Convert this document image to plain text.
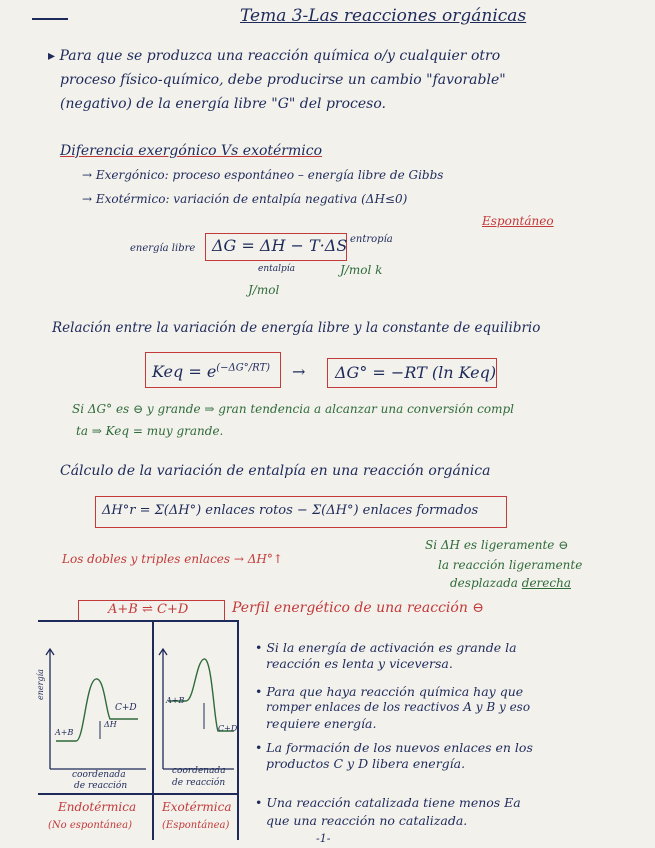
Tema 3-Las reacciones orgánicas
▸ Para que se produzca una reacción química o/y cualquier otro
proceso físico-químico, debe producirse un cambio "favorable"
(negativo) de la energía libre "G" del proceso.
Diferencia exergónico Vs exotérmico
→ Exergónico: proceso espontáneo – energía libre de Gibbs
→ Exotérmico: variación de entalpía negativa (ΔH≤0)
Espontáneo
energía libre ΔG = ΔH − T·ΔS entropía
entalpía	J/mol k
J/mol
Relación entre la variación de energía libre y la constante de equilibrio
Keq = $e^{(-\Delta G^\circ/RT)} \to \Delta G^\circ = -RT$ (ln Keq)
Si ΔG° es ⊖ y grande ⇒ gran tendencia a alcanzar una conversión compl
ta ⇒ Keq = muy grande.
Cálculo de la variación de entalpía en una reacción orgánica
ΔH°r = Σ(ΔH°) enlaces rotos − Σ(ΔH°) enlaces formados
Los dobles y triples enlaces → ΔH°↑
Si ΔH es ligeramente ⊖
la reacción ligeramente
desplazada derecha
A+B ⇌ C+D	Perfil energético de una reacción ⊖
energía
A+B
C+D
ΔH
coordenada
de reacción
A+B
C+D
coordenada
de reacción
Endotérmica
(No espontánea)
Exotérmica
(Espontánea)
• Si la energía de activación es grande la
reacción es lenta y viceversa.
• Para que haya reacción química hay que
romper enlaces de los reactivos A y B y eso
requiere energía.
• La formación de los nuevos enlaces en los
productos C y D libera energía.
• Una reacción catalizada tiene menos Ea
que una reacción no catalizada.
-1-
